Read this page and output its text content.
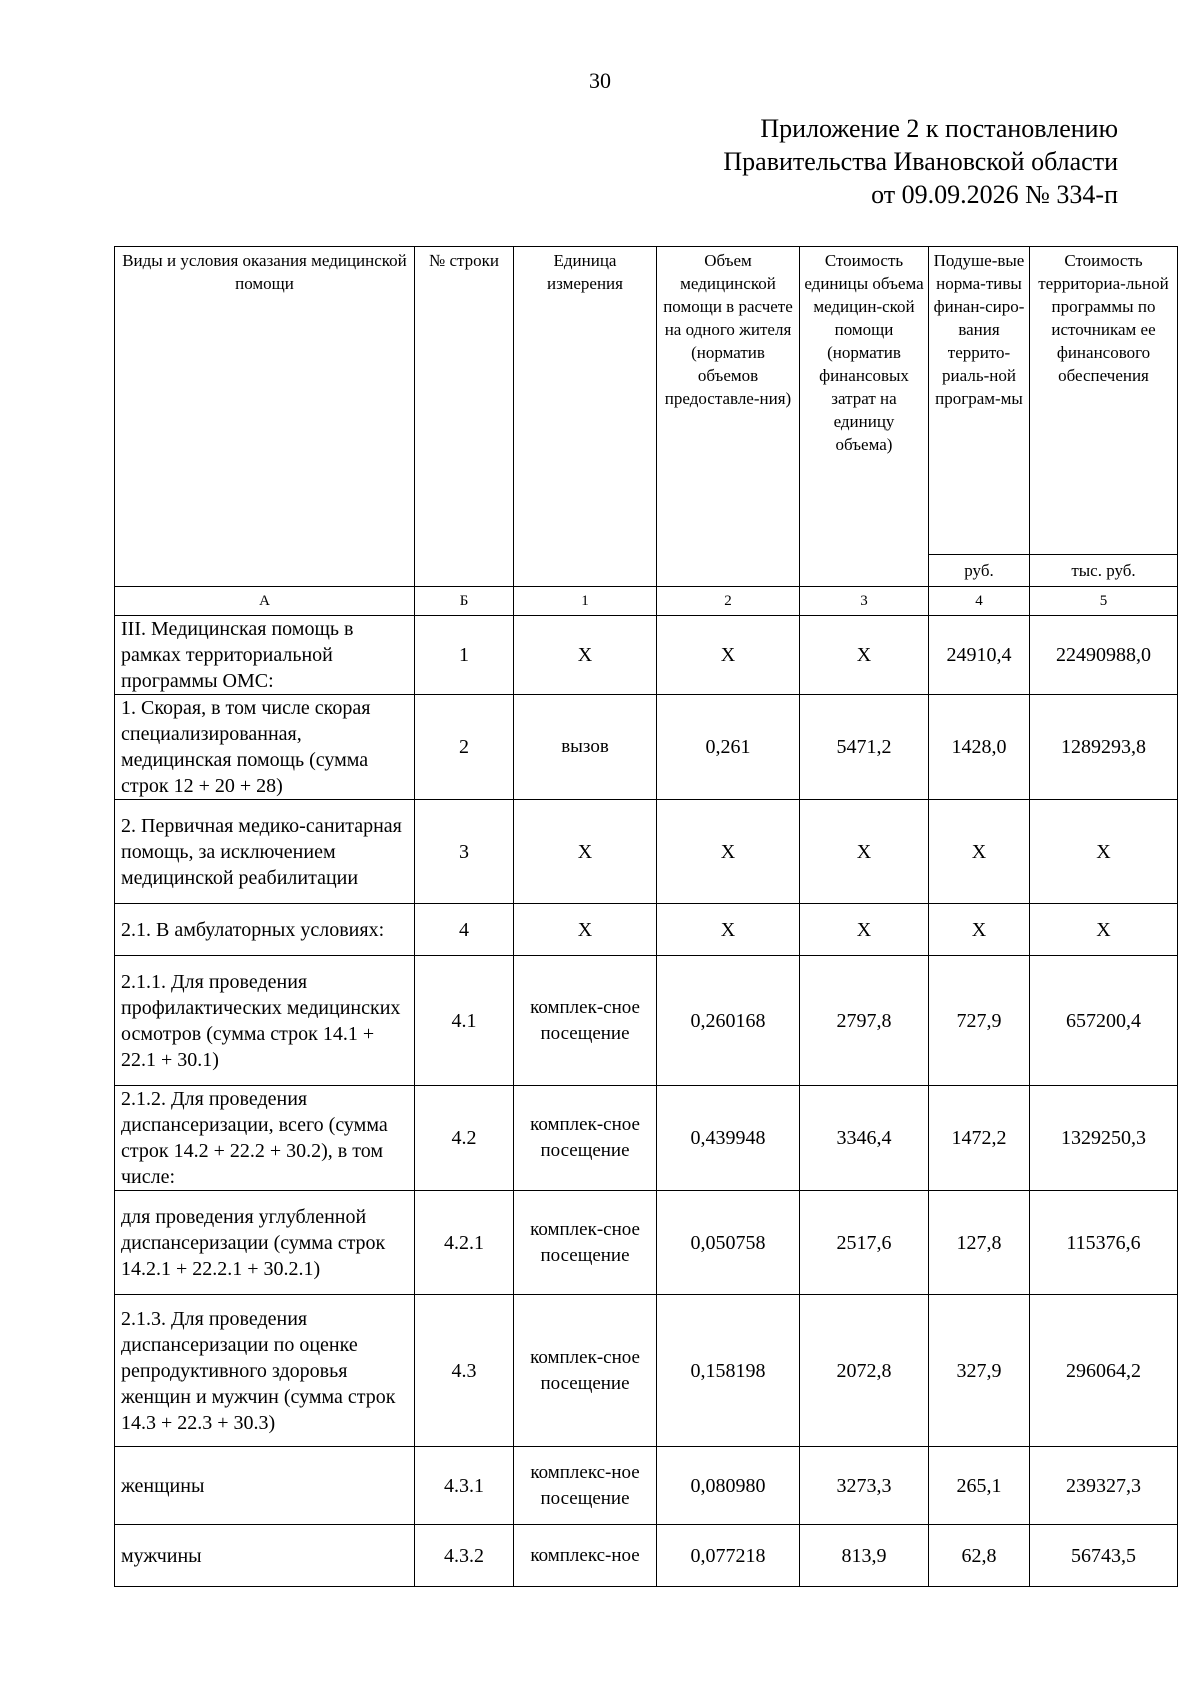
30
Приложение 2 к постановлению
Правительства Ивановской области
от 09.09.2026 № 334-п
Виды и условия оказания медицинской помощи	№ строки	Единица измерения	Объем медицинской помощи в расчете на одного жителя (норматив объемов предоставле-ния)	Стоимость единицы объема медицин-ской помощи (норматив финансовых затрат на единицу объема)	Подуше-вые норма-тивы финан-сиро-вания террито-риаль-ной програм-мы	Стоимость территориа-льной программы по источникам ее финансового обеспечения
					руб.	тыс. руб.
А	Б	1	2	3	4	5
III. Медицинская помощь в рамках территориальной программы ОМС:	1	X	X	X	24910,4	22490988,0
1. Скорая, в том числе скорая специализированная, медицинская помощь (сумма строк 12 + 20 + 28)	2	вызов	0,261	5471,2	1428,0	1289293,8
2. Первичная медико-санитарная помощь, за исключением медицинской реабилитации	3	X	X	X	X	X
2.1. В амбулаторных условиях:	4	X	X	X	X	X
2.1.1. Для проведения профилактических медицинских осмотров (сумма строк 14.1 + 22.1 + 30.1)	4.1	комплек-сное посещение	0,260168	2797,8	727,9	657200,4
2.1.2. Для проведения диспансеризации, всего (сумма строк 14.2 + 22.2 + 30.2), в том числе:	4.2	комплек-сное посещение	0,439948	3346,4	1472,2	1329250,3
для проведения углубленной диспансеризации (сумма строк 14.2.1 + 22.2.1 + 30.2.1)	4.2.1	комплек-сное посещение	0,050758	2517,6	127,8	115376,6
2.1.3. Для проведения диспансеризации по оценке репродуктивного здоровья женщин и мужчин (сумма строк 14.3 + 22.3 + 30.3)	4.3	комплек-сное посещение	0,158198	2072,8	327,9	296064,2
женщины	4.3.1	комплекс-ное посещение	0,080980	3273,3	265,1	239327,3
мужчины	4.3.2	комплекс-ное	0,077218	813,9	62,8	56743,5
